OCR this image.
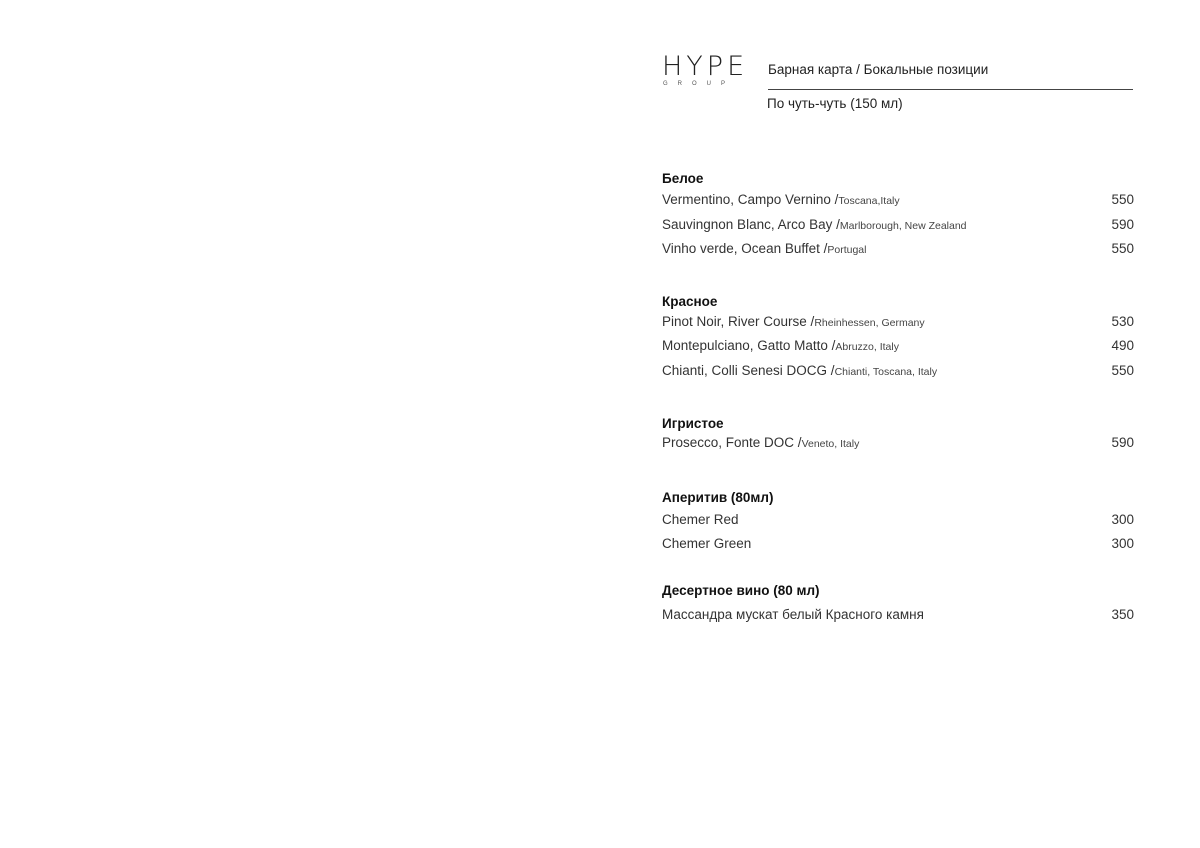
HYPE
GROUP
Барная карта / Бокальные позиции
По чуть-чуть (150 мл)
Белое
Vermentino, Campo Vernino /Toscana,Italy	550
Sauvingnon Blanc, Arco Bay /Marlborough, New Zealand	590
Vinho verde, Ocean Buffet /Portugal	550
Красное
Pinot Noir, River Course /Rheinhessen, Germany	530
Montepulciano, Gatto Matto /Abruzzo, Italy	490
Chianti, Colli Senesi DOCG /Chianti, Toscana, Italy	550
Игристое
Prosecco, Fonte DOC /Veneto, Italy	590
Аперитив (80мл)
Chemer Red	300
Chemer Green	300
Десертное вино (80 мл)
Массандра мускат белый Красного камня	350
